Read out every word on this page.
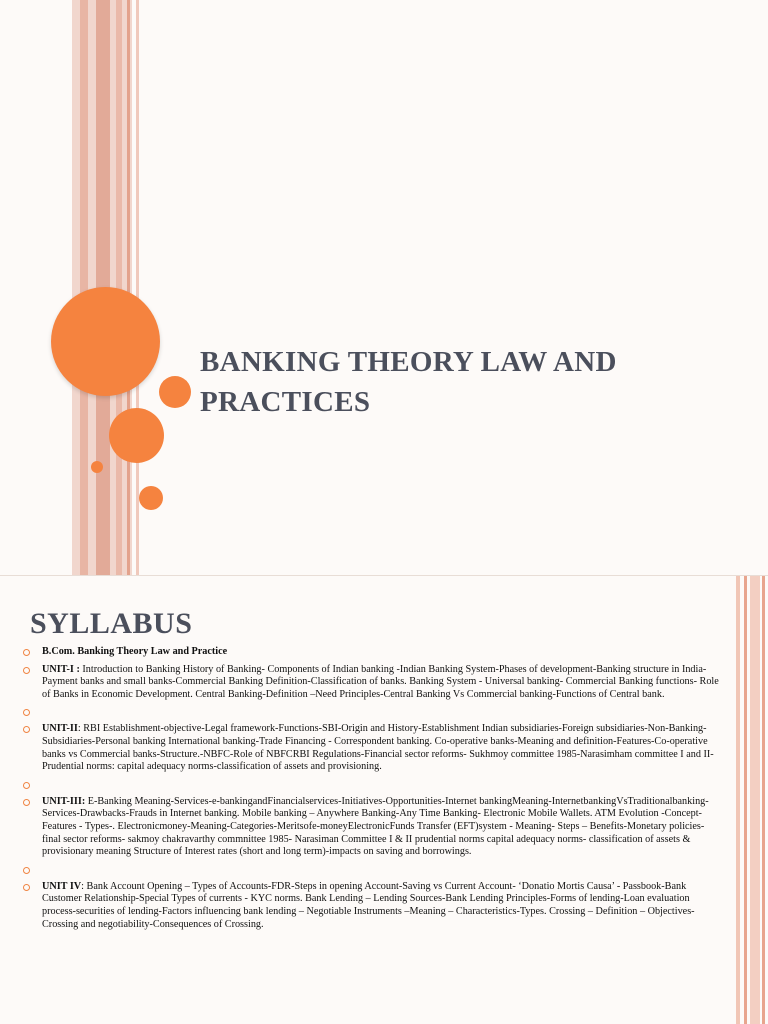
BANKING THEORY LAW AND
PRACTICES
SYLLABUS
B.Com. Banking Theory Law and Practice
UNIT-I : Introduction to Banking History of Banking- Components of Indian banking -Indian Banking System-Phases of development-Banking structure in India-Payment banks and small banks-Commercial Banking Definition-Classification of banks. Banking System - Universal banking- Commercial Banking functions- Role of Banks in Economic Development. Central Banking-Definition –Need Principles-Central Banking Vs Commercial banking-Functions of Central bank.
UNIT-II: RBI Establishment-objective-Legal framework-Functions-SBI-Origin and History-Establishment Indian subsidiaries-Foreign subsidiaries-Non-Banking-Subsidiaries-Personal banking International banking-Trade Financing - Correspondent banking. Co-operative banks-Meaning and definition-Features-Co-operative banks vs Commercial banks-Structure.-NBFC-Role of NBFCRBI Regulations-Financial sector reforms- Sukhmoy committee 1985-Narasimham committee I and II-Prudential norms: capital adequacy norms-classification of assets and provisioning.
UNIT-III: E-Banking Meaning-Services-e-bankingandFinancialservices-Initiatives-Opportunities-Internet bankingMeaning-InternetbankingVsTraditionalbanking-Services-Drawbacks-Frauds in Internet banking. Mobile banking – Anywhere Banking-Any Time Banking- Electronic Mobile Wallets. ATM Evolution -Concept-Features - Types-. Electronicmoney-Meaning-Categories-Meritsofe-moneyElectronicFunds Transfer (EFT)system - Meaning- Steps – Benefits-Monetary policies- final sector reforms- sakmoy chakravarthy commnittee 1985- Narasiman Committee I & II prudential norms capital adequacy norms- classification of assets & provisionary meaning Structure of Interest rates (short and long term)-impacts on saving and borrowings.
UNIT IV: Bank Account Opening – Types of Accounts-FDR-Steps in opening Account-Saving vs Current Account- ‘Donatio Mortis Causa’ - Passbook-Bank Customer Relationship-Special Types of currents - KYC norms. Bank Lending – Lending Sources-Bank Lending Principles-Forms of lending-Loan evaluation process-securities of lending-Factors influencing bank lending – Negotiable Instruments –Meaning – Characteristics-Types. Crossing – Definition – Objectives- Crossing and negotiability-Consequences of Crossing.
